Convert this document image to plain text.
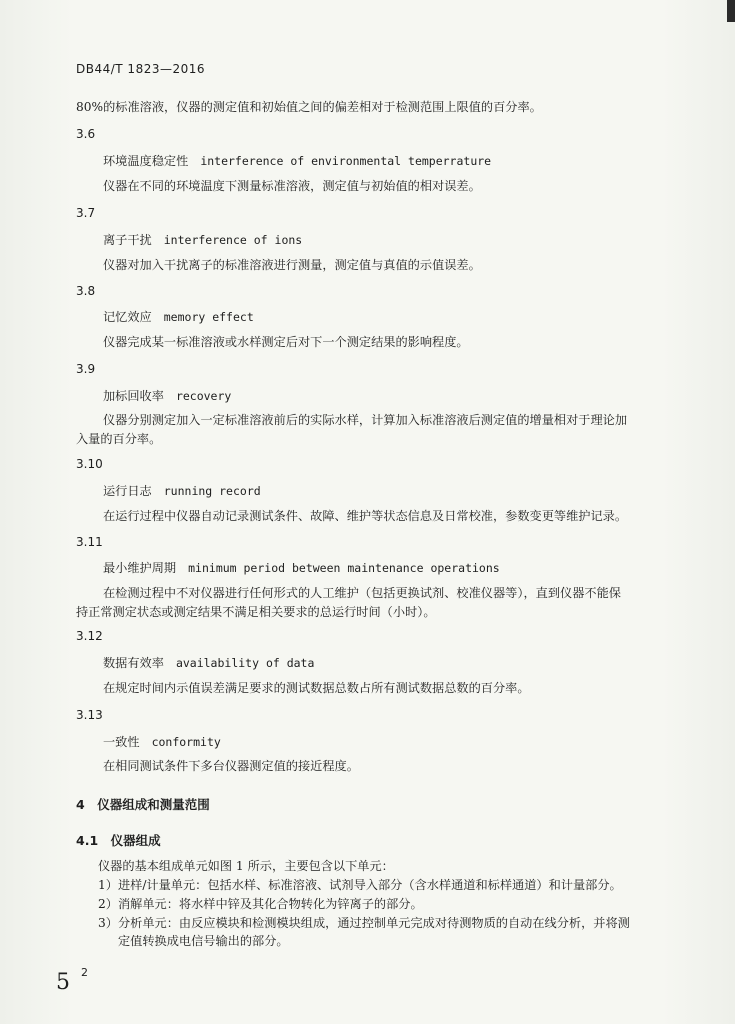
DB44/T 1823—2016
80%的标准溶液，仪器的测定值和初始值之间的偏差相对于检测范围上限值的百分率。
3.6
环境温度稳定性 interference of environmental temperrature
仪器在不同的环境温度下测量标准溶液，测定值与初始值的相对误差。
3.7
离子干扰 interference of ions
仪器对加入干扰离子的标准溶液进行测量，测定值与真值的示值误差。
3.8
记忆效应 memory effect
仪器完成某一标准溶液或水样测定后对下一个测定结果的影响程度。
3.9
加标回收率 recovery
仪器分别测定加入一定标准溶液前后的实际水样，计算加入标准溶液后测定值的增量相对于理论加
入量的百分率。
3.10
运行日志 running record
在运行过程中仪器自动记录测试条件、故障、维护等状态信息及日常校准，参数变更等维护记录。
3.11
最小维护周期 minimum period between maintenance operations
在检测过程中不对仪器进行任何形式的人工维护（包括更换试剂、校准仪器等），直到仪器不能保
持正常测定状态或测定结果不满足相关要求的总运行时间（小时）。
3.12
数据有效率 availability of data
在规定时间内示值误差满足要求的测试数据总数占所有测试数据总数的百分率。
3.13
一致性 conformity
在相同测试条件下多台仪器测定值的接近程度。
4　仪器组成和测量范围
4.1　仪器组成
仪器的基本组成单元如图 1 所示，主要包含以下单元：
1）进样/计量单元：包括水样、标准溶液、试剂导入部分（含水样通道和标样通道）和计量部分。
2）消解单元：将水样中锌及其化合物转化为锌离子的部分。
3）分析单元：由反应模块和检测模块组成，通过控制单元完成对待测物质的自动在线分析，并将测
定值转换成电信号输出的部分。
5 2
